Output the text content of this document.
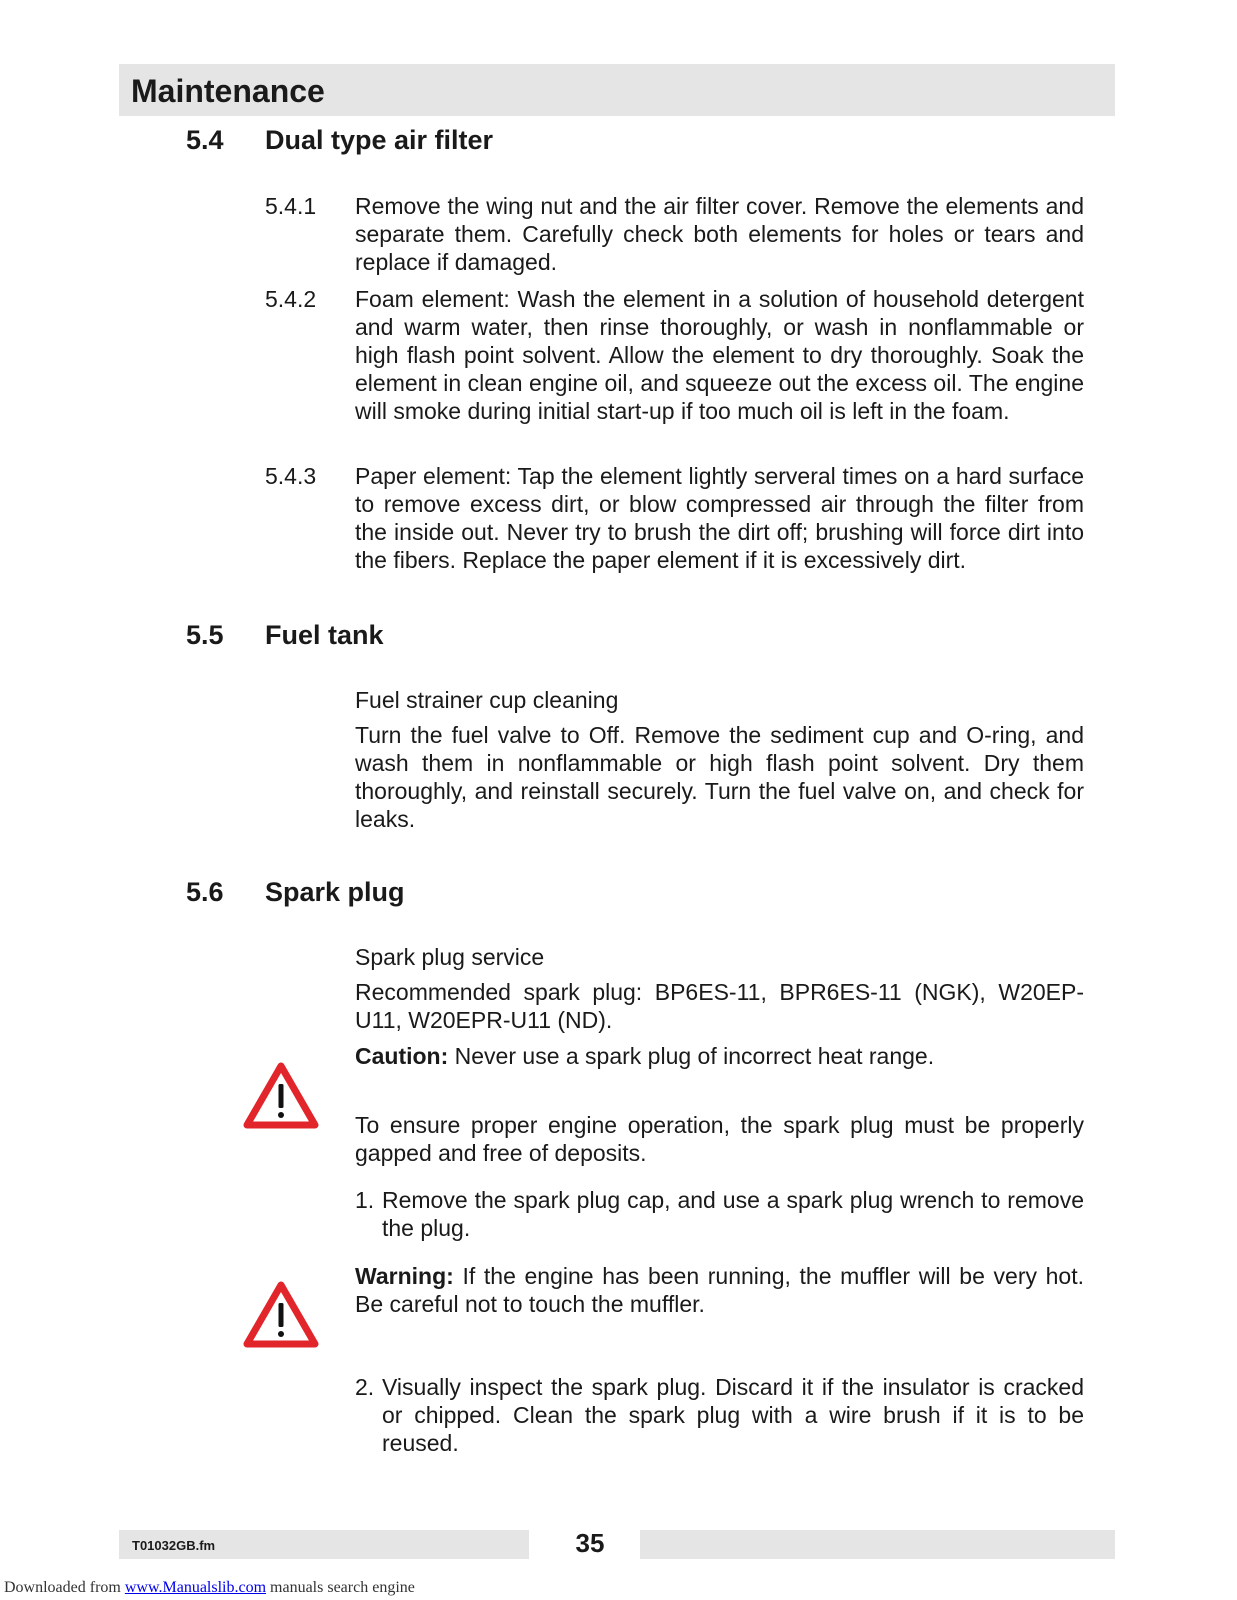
Maintenance
5.4 Dual type air filter
5.4.1 Remove the wing nut and the air filter cover. Remove the elements and separate them. Carefully check both elements for holes or tears and replace if damaged.
5.4.2 Foam element: Wash the element in a solution of household detergent and warm water, then rinse thoroughly, or wash in nonflammable or high flash point solvent. Allow the element to dry thoroughly. Soak the element in clean engine oil, and squeeze out the excess oil. The engine will smoke during initial start-up if too much oil is left in the foam.
5.4.3 Paper element: Tap the element lightly serveral times on a hard surface to remove excess dirt, or blow compressed air through the filter from the inside out. Never try to brush the dirt off; brushing will force dirt into the fibers. Replace the paper element if it is excessively dirt.
5.5 Fuel tank
Fuel strainer cup cleaning
Turn the fuel valve to Off. Remove the sediment cup and O-ring, and wash them in nonflammable or high flash point solvent. Dry them thoroughly, and reinstall securely. Turn the fuel valve on, and check for leaks.
5.6 Spark plug
Spark plug service
Recommended spark plug: BP6ES-11, BPR6ES-11 (NGK), W20EP-U11, W20EPR-U11 (ND).
Caution: Never use a spark plug of incorrect heat range.
To ensure proper engine operation, the spark plug must be properly gapped and free of deposits.
1. Remove the spark plug cap, and use a spark plug wrench to remove the plug.
Warning: If the engine has been running, the muffler will be very hot. Be careful not to touch the muffler.
2. Visually inspect the spark plug. Discard it if the insulator is cracked or chipped. Clean the spark plug with a wire brush if it is to be reused.
T01032GB.fm	35
Downloaded from www.Manualslib.com manuals search engine
